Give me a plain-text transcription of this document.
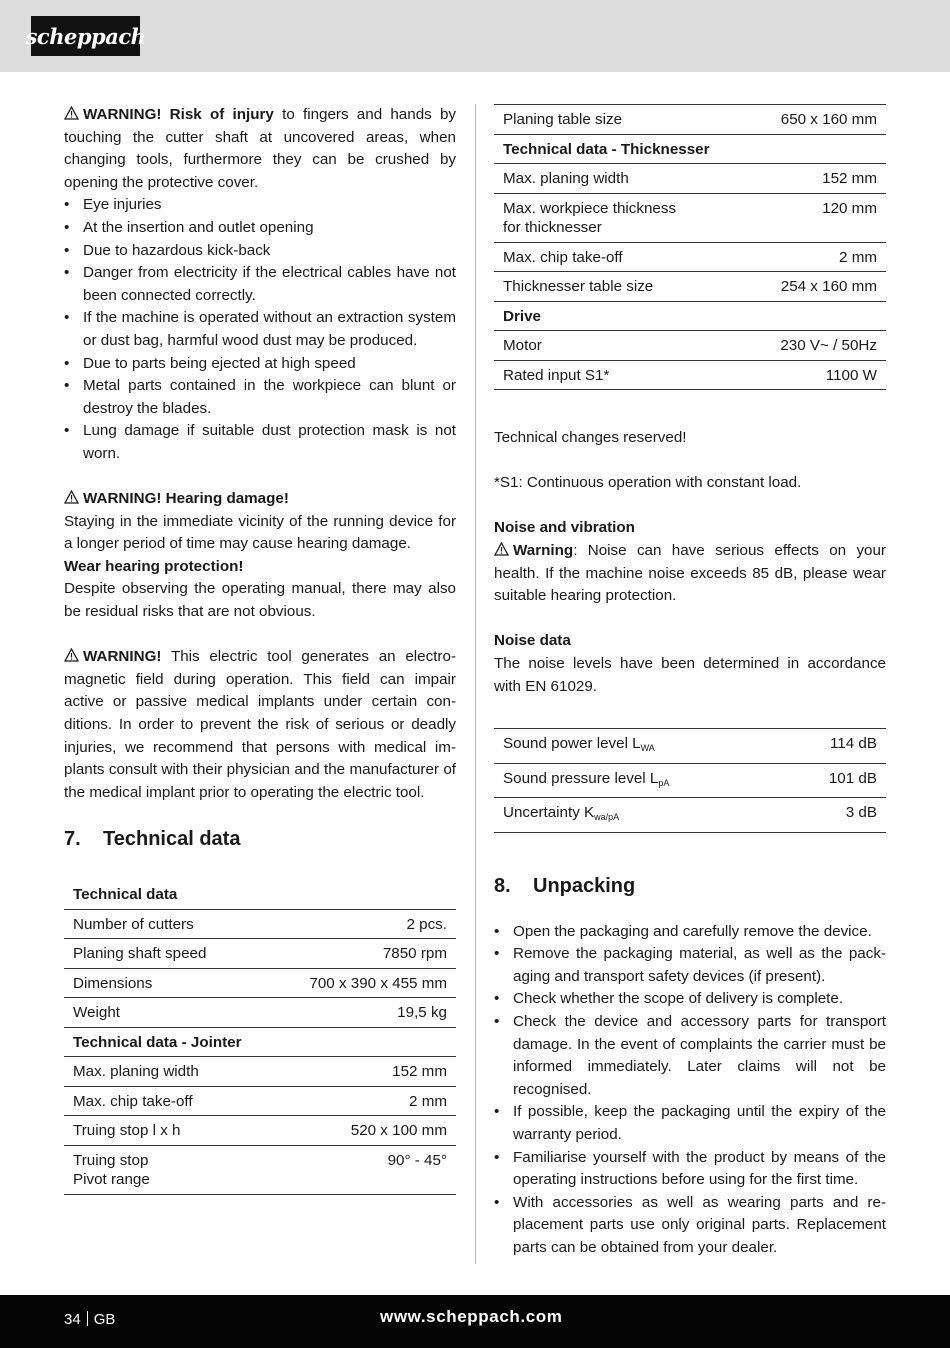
scheppach

WARNING! Risk of injury to fingers and hands by touching the cutter shaft at uncovered areas, when changing tools, furthermore they can be crushed by opening the protective cover.

• Eye injuries
• At the insertion and outlet opening
• Due to hazardous kick-back
• Danger from electricity if the electrical cables have not been connected correctly.
• If the machine is operated without an extraction system or dust bag, harmful wood dust may be produced.
• Due to parts being ejected at high speed
• Metal parts contained in the workpiece can blunt or destroy the blades.
• Lung damage if suitable dust protection mask is not worn.

WARNING! Hearing damage!

Staying in the immediate vicinity of the running device for a longer period of time may cause hearing damage.

Wear hearing protection!

Despite observing the operating manual, there may also be residual risks that are not obvious.

WARNING! This electric tool generates an electromagnetic field during operation. This field can impair active or passive medical implants under certain conditions. In order to prevent the risk of serious or deadly injuries, we recommend that persons with medical implants consult with their physician and the manufacturer of the medical implant prior to operating the electric tool.

7.	Technical data
Technical data	
Number of cutters	2 pcs.
Planing shaft speed	7850 rpm
Dimensions	700 x 390 x 455 mm
Weight	19,5 kg
Technical data - Jointer	
Max. planing width	152 mm
Max. chip take-off	2 mm
Truing stop l x h	520 x 100 mm
Truing stop
Pivot range	90° - 45°
Planing table size	650 x 160 mm
Technical data - Thicknesser	
Max. planing width	152 mm
Max. workpiece thickness
for thicknesser	120 mm
Max. chip take-off	2 mm
Thicknesser table size	254 x 160 mm
Drive	
Motor	230 V~ / 50Hz
Rated input S1*	1100 W

Technical changes reserved!

*S1: Continuous operation with constant load.

Noise and vibration

Warning: Noise can have serious effects on your health. If the machine noise exceeds 85 dB, please wear suitable hearing protection.

Noise data

The noise levels have been determined in accordance with EN 61029.

Sound power level $L_{WA}$	114 dB
Sound pressure level $L_{pA}$	101 dB
Uncertainty $K_{wa/pA}$	3 dB
8.	Unpacking
• Open the packaging and carefully remove the device.
• Remove the packaging material, as well as the packaging and transport safety devices (if present).
• Check whether the scope of delivery is complete.
• Check the device and accessory parts for transport damage. In the event of complaints the carrier must be informed immediately. Later claims will not be recognised.
• If possible, keep the packaging until the expiry of the warranty period.
• Familiarise yourself with the product by means of the operating instructions before using for the first time.
• With accessories as well as wearing parts and replacement parts use only original parts. Replacement parts can be obtained from your dealer.
34 GB	www.scheppach.com
